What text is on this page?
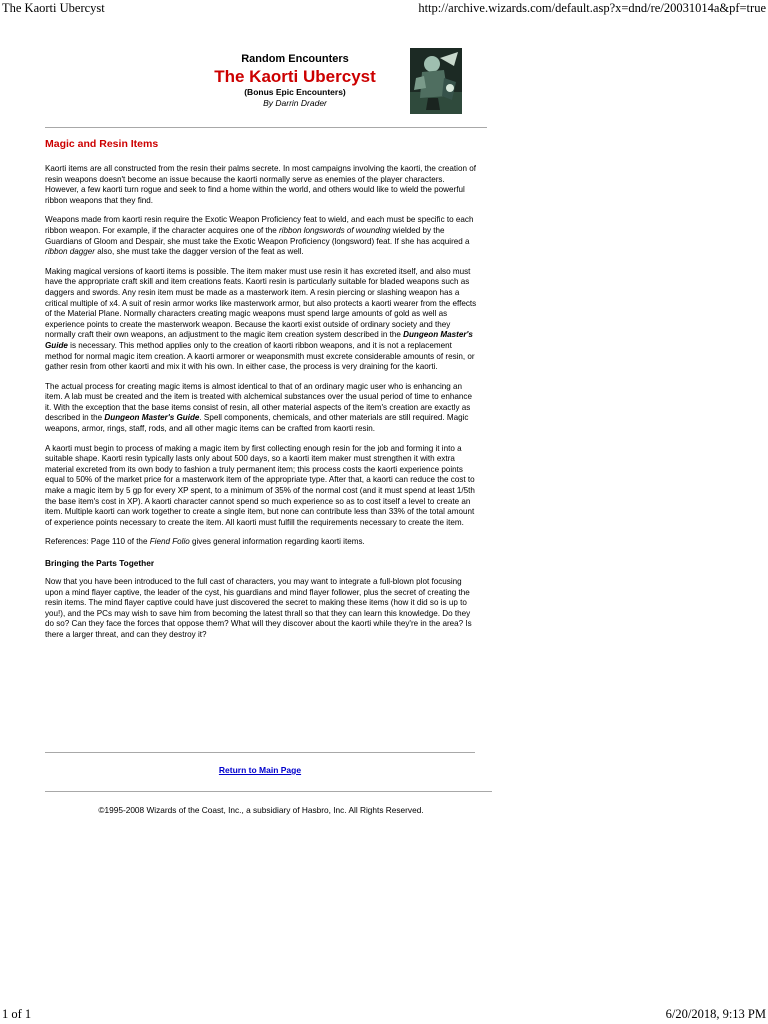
The Kaorti Ubercyst	http://archive.wizards.com/default.asp?x=dnd/re/20031014a&pf=true
Random Encounters
The Kaorti Ubercyst
(Bonus Epic Encounters)
By Darrin Drader
Magic and Resin Items

Kaorti items are all constructed from the resin their palms secrete. In most campaigns involving the kaorti, the creation of resin weapons doesn't become an issue because the kaorti normally serve as enemies of the player characters. However, a few kaorti turn rogue and seek to find a home within the world, and others would like to wield the powerful ribbon weapons that they find.

Weapons made from kaorti resin require the Exotic Weapon Proficiency feat to wield, and each must be specific to each ribbon weapon. For example, if the character acquires one of the ribbon longswords of wounding wielded by the Guardians of Gloom and Despair, she must take the Exotic Weapon Proficiency (longsword) feat. If she has acquired a ribbon dagger also, she must take the dagger version of the feat as well.

Making magical versions of kaorti items is possible. The item maker must use resin it has excreted itself, and also must have the appropriate craft skill and item creations feats. Kaorti resin is particularly suitable for bladed weapons such as daggers and swords. Any resin item must be made as a masterwork item. A resin piercing or slashing weapon has a critical multiple of x4. A suit of resin armor works like masterwork armor, but also protects a kaorti wearer from the effects of the Material Plane. Normally characters creating magic weapons must spend large amounts of gold as well as experience points to create the masterwork weapon. Because the kaorti exist outside of ordinary society and they normally craft their own weapons, an adjustment to the magic item creation system described in the Dungeon Master's Guide is necessary. This method applies only to the creation of kaorti ribbon weapons, and it is not a replacement method for normal magic item creation. A kaorti armorer or weaponsmith must excrete considerable amounts of resin, or gather resin from other kaorti and mix it with his own. In either case, the process is very draining for the kaorti.

The actual process for creating magic items is almost identical to that of an ordinary magic user who is enhancing an item. A lab must be created and the item is treated with alchemical substances over the usual period of time to enhance it. With the exception that the base items consist of resin, all other material aspects of the item's creation are exactly as described in the Dungeon Master's Guide. Spell components, chemicals, and other materials are still required. Magic weapons, armor, rings, staff, rods, and all other magic items can be crafted from kaorti resin.

A kaorti must begin to process of making a magic item by first collecting enough resin for the job and forming it into a suitable shape. Kaorti resin typically lasts only about 500 days, so a kaorti item maker must strengthen it with extra material excreted from its own body to fashion a truly permanent item; this process costs the kaorti experience points equal to 50% of the market price for a masterwork item of the appropriate type. After that, a kaorti can reduce the cost to make a magic item by 5 gp for every XP spent, to a minimum of 35% of the normal cost (and it must spend at least 1/5th the base item's cost in XP). A kaorti character cannot spend so much experience so as to cost itself a level to create an item. Multiple kaorti can work together to create a single item, but none can contribute less than 33% of the total amount of experience points necessary to create the item. All kaorti must fulfill the requirements necessary to create the item.

References: Page 110 of the Fiend Folio gives general information regarding kaorti items.

Bringing the Parts Together

Now that you have been introduced to the full cast of characters, you may want to integrate a full-blown plot focusing upon a mind flayer captive, the leader of the cyst, his guardians and mind flayer follower, plus the secret of creating the resin items. The mind flayer captive could have just discovered the secret to making these items (how it did so is up to you!), and the PCs may wish to save him from becoming the latest thrall so that they can learn this knowledge. Do they do so? Can they face the forces that oppose them? What will they discover about the kaorti while they're in the area? Is there a larger threat, and can they destroy it?

Return to Main Page
©1995-2008 Wizards of the Coast, Inc., a subsidiary of Hasbro, Inc. All Rights Reserved.
1 of 1	6/20/2018, 9:13 PM
